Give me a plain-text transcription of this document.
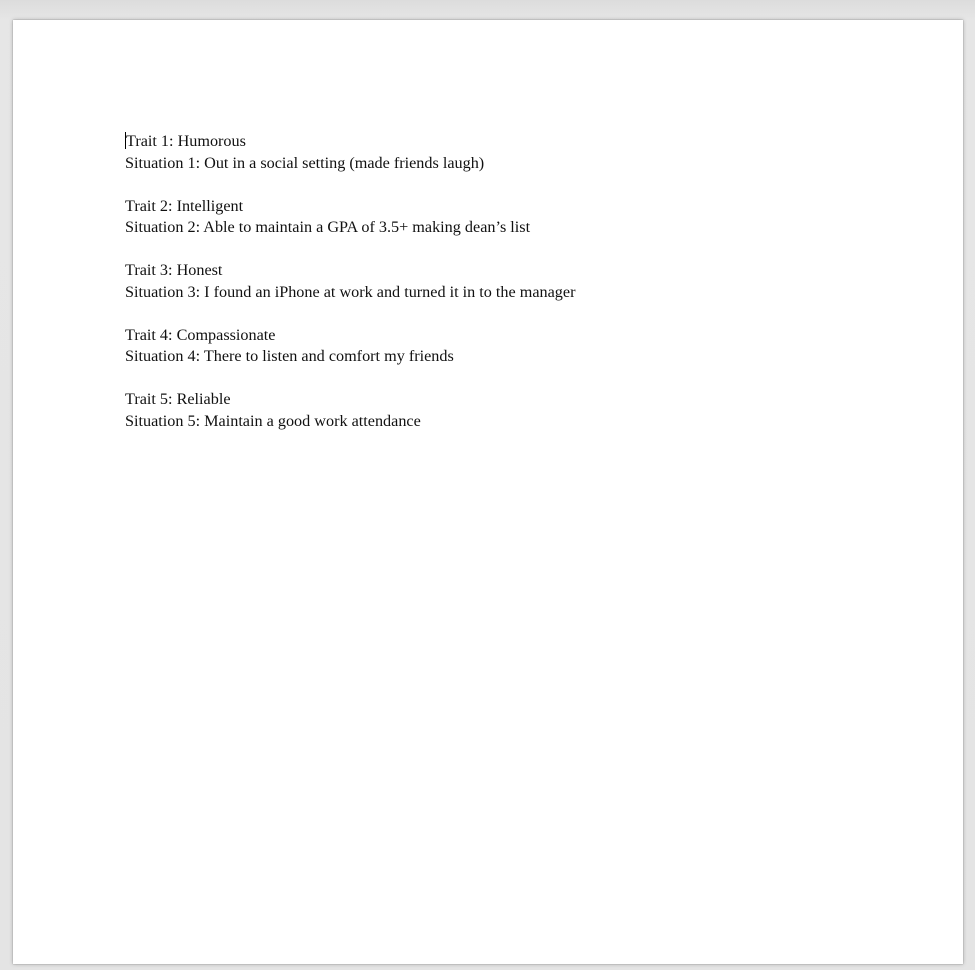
Trait 1: Humorous
Situation 1: Out in a social setting (made friends laugh)
Trait 2: Intelligent
Situation 2: Able to maintain a GPA of 3.5+ making dean’s list
Trait 3: Honest
Situation 3: I found an iPhone at work and turned it in to the manager
Trait 4: Compassionate
Situation 4: There to listen and comfort my friends
Trait 5: Reliable
Situation 5: Maintain a good work attendance
